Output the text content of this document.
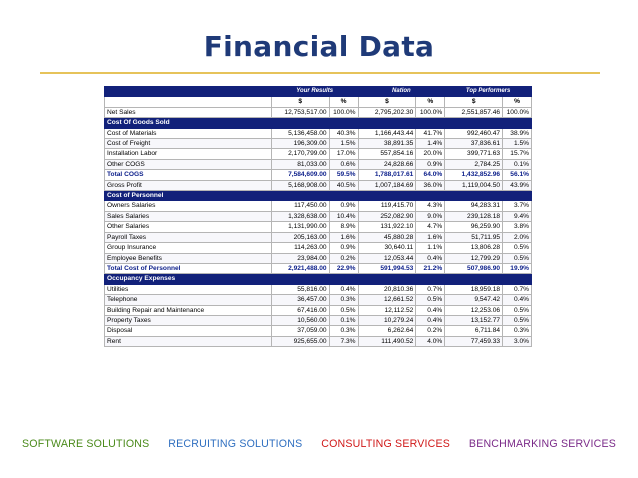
Financial Data
	Your Results		Nation		Top Performers	
	$	%	$	%	$	%
Net Sales	12,753,517.00	100.0%	2,795,202.30	100.0%	2,551,857.46	100.0%
Cost Of Goods Sold						
Cost of Materials	5,136,458.00	40.3%	1,166,443.44	41.7%	992,460.47	38.9%
Cost of Freight	196,309.00	1.5%	38,891.35	1.4%	37,836.61	1.5%
Installation Labor	2,170,799.00	17.0%	557,854.16	20.0%	399,771.63	15.7%
Other COGS	81,033.00	0.6%	24,828.66	0.9%	2,784.25	0.1%
Total COGS	7,584,609.00	59.5%	1,788,017.61	64.0%	1,432,852.96	56.1%
Gross Profit	5,168,908.00	40.5%	1,007,184.69	36.0%	1,119,004.50	43.9%
Cost of Personnel						
Owners Salaries	117,450.00	0.9%	119,415.70	4.3%	94,283.31	3.7%
Sales Salaries	1,328,638.00	10.4%	252,082.90	9.0%	239,128.18	9.4%
Other Salaries	1,131,990.00	8.9%	131,922.10	4.7%	96,259.90	3.8%
Payroll Taxes	205,163.00	1.6%	45,880.28	1.6%	51,711.95	2.0%
Group Insurance	114,263.00	0.9%	30,640.11	1.1%	13,806.28	0.5%
Employee Benefits	23,984.00	0.2%	12,053.44	0.4%	12,799.29	0.5%
Total Cost of Personnel	2,921,488.00	22.9%	591,994.53	21.2%	507,986.90	19.9%
Occupancy Expenses						
Utilities	55,816.00	0.4%	20,810.36	0.7%	18,959.18	0.7%
Telephone	36,457.00	0.3%	12,661.52	0.5%	9,547.42	0.4%
Building Repair and Maintenance	67,416.00	0.5%	12,112.52	0.4%	12,253.06	0.5%
Property Taxes	10,560.00	0.1%	10,279.24	0.4%	13,152.77	0.5%
Disposal	37,059.00	0.3%	6,262.64	0.2%	6,711.84	0.3%
Rent	925,655.00	7.3%	111,490.52	4.0%	77,459.33	3.0%
SOFTWARE SOLUTIONS RECRUITING SOLUTIONS CONSULTING SERVICES BENCHMARKING SERVICES
